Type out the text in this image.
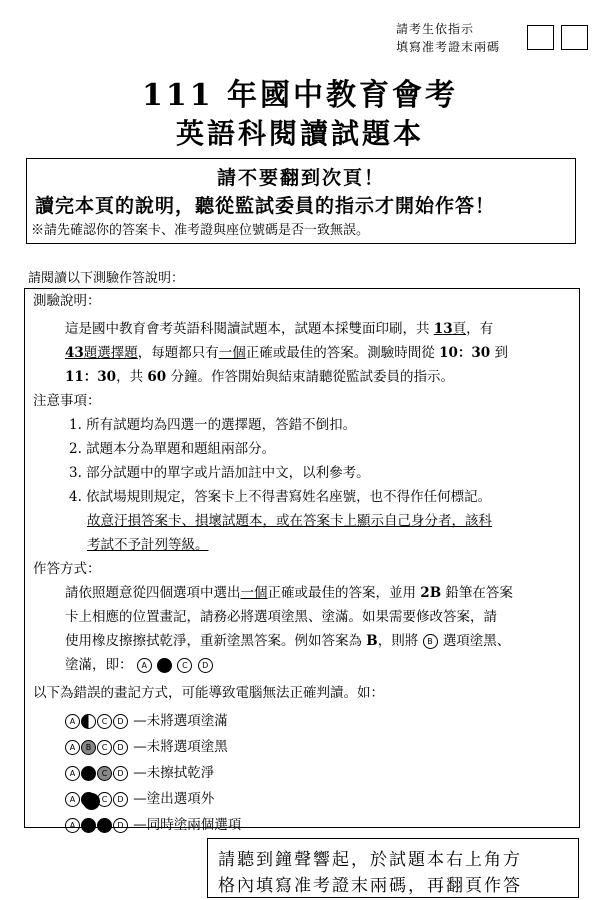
請考生依指示
填寫准考證末兩碼
111 年國中教育會考
英語科閱讀試題本
請不要翻到次頁！
讀完本頁的說明，聽從監試委員的指示才開始作答！
※請先確認你的答案卡、准考證與座位號碼是否一致無誤。
請閱讀以下測驗作答說明：
測驗說明：
這是國中教育會考英語科閱讀試題本，試題本採雙面印刷，共 13頁，有
43題選擇題，每題都只有一個正確或最佳的答案。測驗時間從 10：30 到
11：30，共 60 分鐘。作答開始與結束請聽從監試委員的指示。
注意事項：
1. 所有試題均為四選一的選擇題，答錯不倒扣。
2. 試題本分為單題和題組兩部分。
3. 部分試題中的單字或片語加註中文，以利參考。
4. 依試場規則規定，答案卡上不得書寫姓名座號，也不得作任何標記。
故意汙損答案卡、損壞試題本，或在答案卡上顯示自己身分者，該科
考試不予計列等級。
作答方式：
請依照題意從四個選項中選出一個正確或最佳的答案，並用 2B 鉛筆在答案
卡上相應的位置畫記，請務必將選項塗黑、塗滿。如果需要修改答案，請
使用橡皮擦擦拭乾淨，重新塗黑答案。例如答案為 B，則將 B 選項塗黑、
塗滿，即： A	C D
以下為錯誤的畫記方式，可能導致電腦無法正確判讀。如：
A	C D —未將選項塗滿
A B C D —未將選項塗黑
A	C D —未擦拭乾淨
A	C D —塗出選項外
A	D —同時塗兩個選項
請聽到鐘聲響起，於試題本右上角方
格內填寫准考證末兩碼，再翻頁作答
